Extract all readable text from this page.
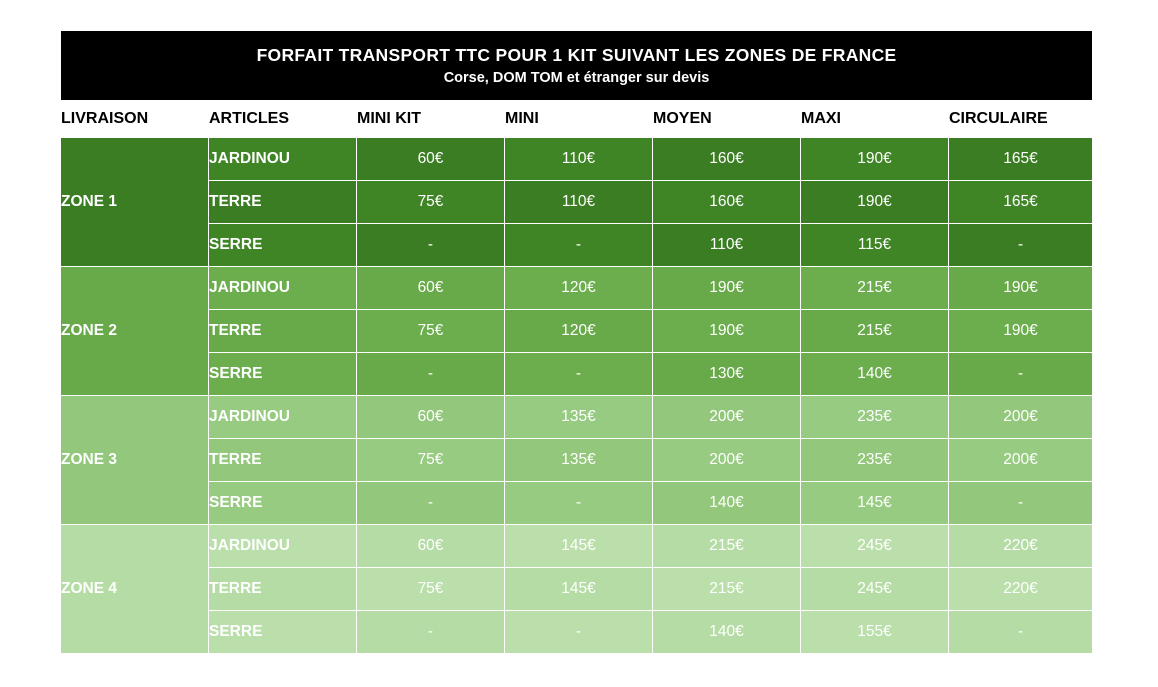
FORFAIT TRANSPORT TTC POUR 1 KIT SUIVANT LES ZONES DE FRANCE
Corse, DOM TOM et étranger sur devis						

LIVRAISON	ARTICLES	MINI KIT	MINI	MOYEN	MAXI	CIRCULAIRE
ZONE 1	JARDINOU	60€	110€	160€	190€	165€
	TERRE	75€	110€	160€	190€	165€
	SERRE	-	-	110€	115€	-
ZONE 2	JARDINOU	60€	120€	190€	215€	190€
	TERRE	75€	120€	190€	215€	190€
	SERRE	-	-	130€	140€	-
ZONE 3	JARDINOU	60€	135€	200€	235€	200€
	TERRE	75€	135€	200€	235€	200€
	SERRE	-	-	140€	145€	-
ZONE 4	JARDINOU	60€	145€	215€	245€	220€
	TERRE	75€	145€	215€	245€	220€
	SERRE	-	-	140€	155€	-
